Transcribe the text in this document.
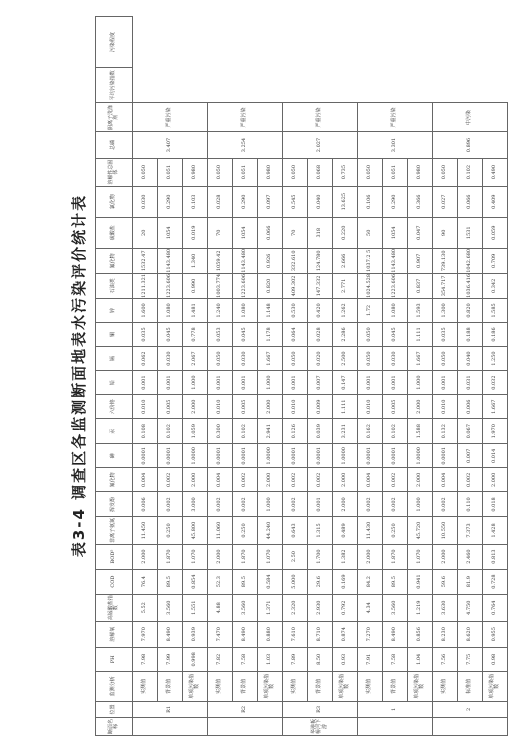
表3-4 调查区各监测断面地表水污染评价统计表
断面名称	位置	监测分析	PH	溶解氧	高锰酸盐指数	COD	BOD⁵	非离子氨氮	挥发酚	氰化物	砷	汞	六价铬	铅	镉	铜	锌	石油类	氟化物	硫酸盐	氯化物	溶解性总固体	总磷	阴离子洗涤剂	平均污染指数	污染程度
	R1	实测值	7.98	7.970	5.52	76.4	2.000	11.450	0.006	0.004	0.0001	0.108	0.010	0.001	0.062	0.035	1.600	1211.321	1532.47	20	0.030	0.050	3.407	严重污染		
		背景值	7.99	8.490	3.560	89.5	1.870	0.250	0.002	0.002	0.0001	0.102	0.005	0.001	0.030	0.045	1.080	1223.606	1143.480	1054	0.290	0.051				
		单项污染指数	0.998	0.939	1.551	0.854	1.070	45.800	3.000	2.000	1.0000	1.059	2.000	1.000	2.067	0.778	1.481	0.990	1.340	0.019	0.103	0.980				
	R2	实测值	7.82	7.470	4.88	52.3	2.000	11.060	0.002	0.004	0.0001	0.300	0.010	0.001	0.050	0.053	1.240	1003.774	1059.42	70	0.028	0.050	3.254	严重污染		
		背景值	7.58	8.490	3.560	89.5	1.870	0.250	0.002	0.002	0.0001	0.102	0.005	0.001	0.030	0.045	1.080	1223.606	1143.480	1054	0.290	0.051				
		单项污染指数	1.03	0.880	1.371	0.584	1.070	44.240	1.000	2.000	1.0000	2.941	2.000	1.000	1.667	1.178	1.148	0.820	0.926	0.066	0.097	0.980				
华港板桥河下游	R3	实测值	7.89	7.610	2.320	5.000	2.50	0.643	0.002	0.002	0.0001	0.126	0.010	0.001	0.050	0.064	0.530	409.302	332.610	70	0.545	0.050	2.027	严重污染		
		背景值	8.50	8.710	2.930	29.6	1.700	1.315	0.001	0.002	0.0001	0.039	0.009	0.007	0.020	0.028	0.420	147.332	124.780	318	0.040	0.068				
		单项污染指数	0.93	0.874	0.792	0.169	1.382	0.489	2.000	2.000	1.0000	3.231	1.111	0.147	2.500	2.286	1.262	2.771	2.666	0.220	13.625	0.735				
	1	实测值	7.91	7.270	4.34	84.2	2.000	11.430	0.002	0.004	0.0001	0.162	0.010	0.001	0.050	0.050	1.72	1024.528	1037.2 5	50	0.106	0.050	3.301	严重污染		
		背景值	7.58	8.490	3.560	89.5	1.870	0.250	0.002	0.002	0.0001	0.102	0.005	0.001	0.030	0.045	1.080	1223.606	1143.480	1054	0.290	0.051				
		单项污染指数	1.04	0.856	1.219	0.941	1.070	45.720	1.000	2.000	1.0000	1.588	2.000	1.000	1.667	1.111	1.593	0.837	0.907	0.047	0.366	0.980				
	2	实测值	7.56	8.230	3.630	59.6	2.000	10.550	0.002	0.004	0.0001	0.132	0.010	0.001	0.050	0.035	1.300	354.717	739.130	90	0.027	0.050	0.896	中污染		
		标准值	7.75	8.620	4.750	81.9	2.460	7.373	0.110	0.002	0.007	0.067	0.006	0.031	0.040	0.188	0.820	1036.416	1042.680	1531	0.066	0.102				
		单项污染指数	0.98	0.955	0.764	0.728	0.813	1.428	0.018	2.000	0.014	1.970	1.667	0.032	1.250	0.186	1.585	0.342	0.709	0.059	0.409	0.490				
